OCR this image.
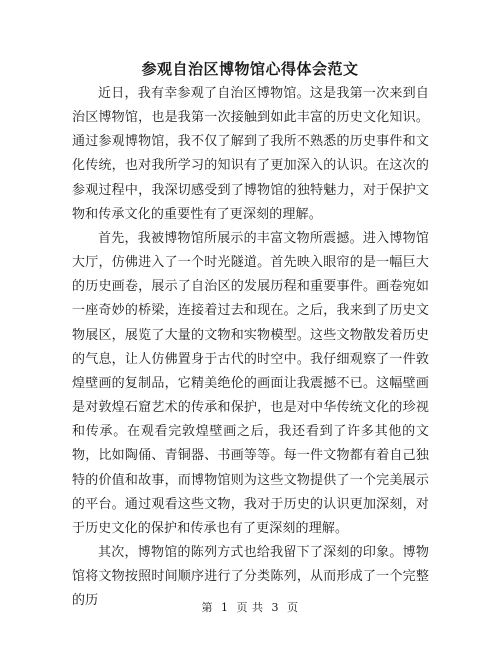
参观自治区博物馆心得体会范文

近日，我有幸参观了自治区博物馆。这是我第一次来到自治区博物馆，也是我第一次接触到如此丰富的历史文化知识。通过参观博物馆，我不仅了解到了我所不熟悉的历史事件和文化传统，也对我所学习的知识有了更加深入的认识。在这次的参观过程中，我深切感受到了博物馆的独特魅力，对于保护文物和传承文化的重要性有了更深刻的理解。

首先，我被博物馆所展示的丰富文物所震撼。进入博物馆大厅，仿佛进入了一个时光隧道。首先映入眼帘的是一幅巨大的历史画卷，展示了自治区的发展历程和重要事件。画卷宛如一座奇妙的桥梁，连接着过去和现在。之后，我来到了历史文物展区，展览了大量的文物和实物模型。这些文物散发着历史的气息，让人仿佛置身于古代的时空中。我仔细观察了一件敦煌壁画的复制品，它精美绝伦的画面让我震撼不已。这幅壁画是对敦煌石窟艺术的传承和保护，也是对中华传统文化的珍视和传承。在观看完敦煌壁画之后，我还看到了许多其他的文物，比如陶俑、青铜器、书画等等。每一件文物都有着自己独特的价值和故事，而博物馆则为这些文物提供了一个完美展示的平台。通过观看这些文物，我对于历史的认识更加深刻，对于历史文化的保护和传承也有了更深刻的理解。

其次，博物馆的陈列方式也给我留下了深刻的印象。博物馆将文物按照时间顺序进行了分类陈列，从而形成了一个完整的历	第 1 页 共 3 页
